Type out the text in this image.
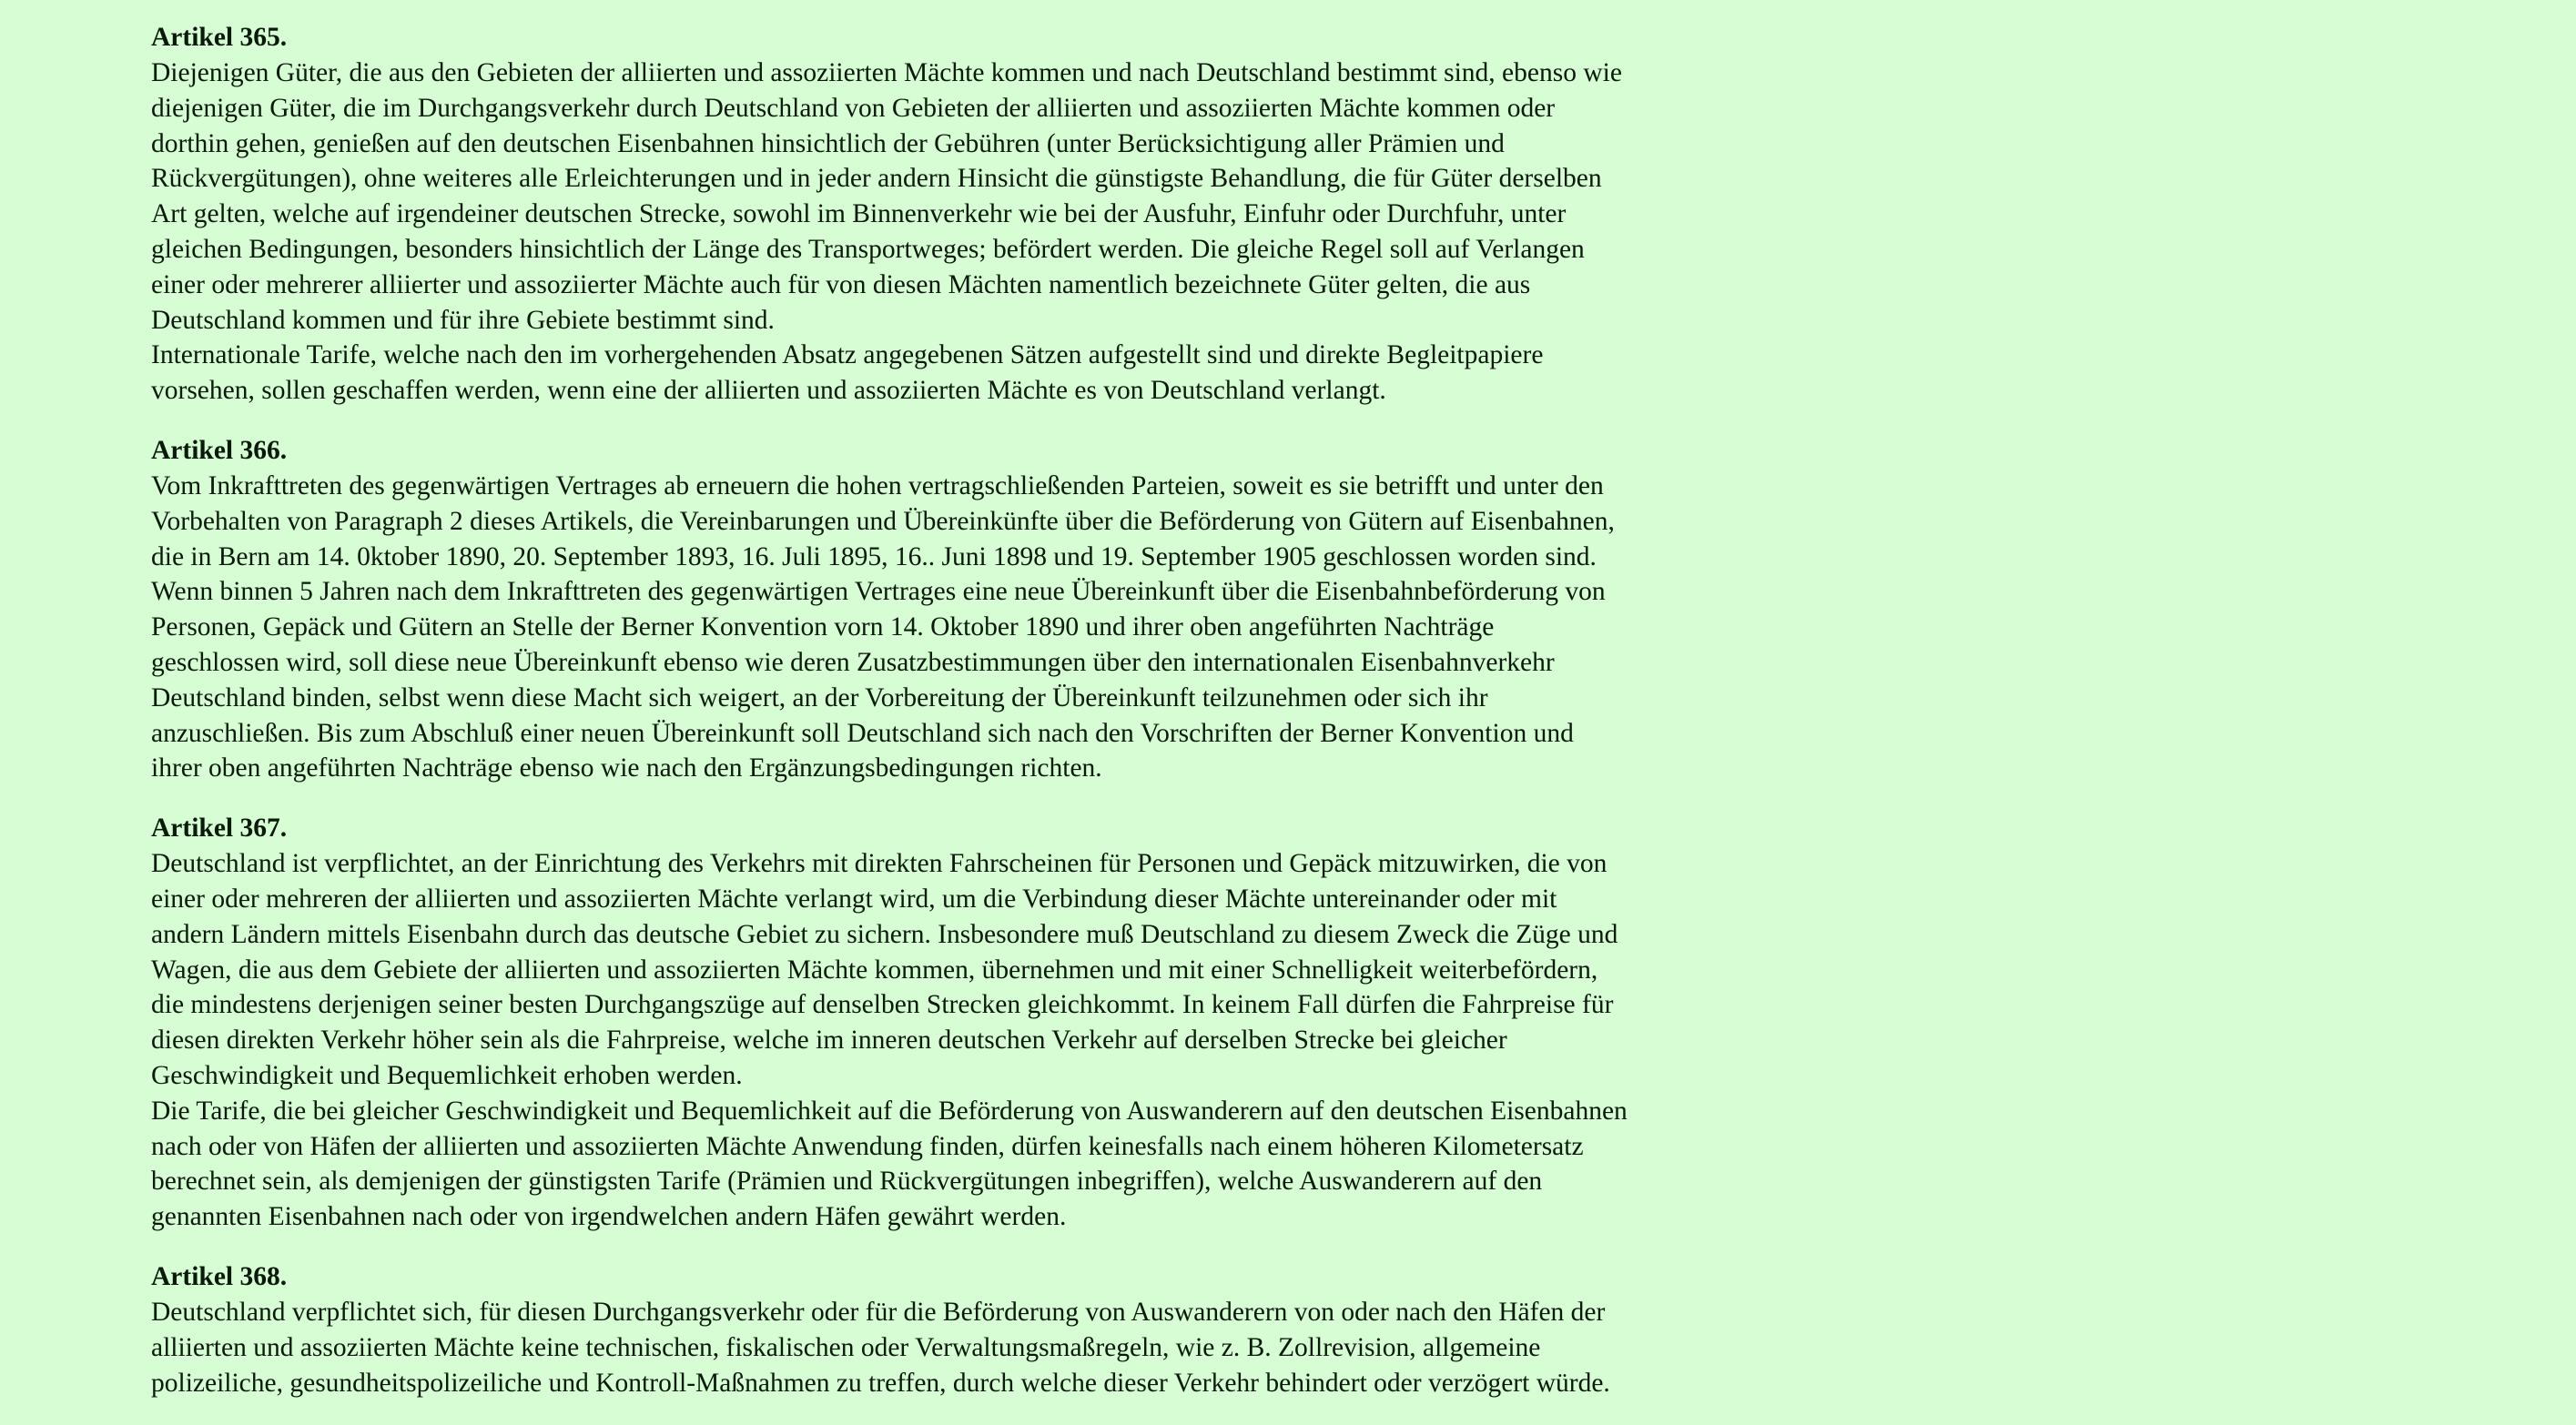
Artikel 365.

Diejenigen Güter, die aus den Gebieten der alliierten und assoziierten Mächte kommen und nach Deutschland bestimmt sind, ebenso wie
diejenigen Güter, die im Durchgangsverkehr durch Deutschland von Gebieten der alliierten und assoziierten Mächte kommen oder
dorthin gehen, genießen auf den deutschen Eisenbahnen hinsichtlich der Gebühren (unter Berücksichtigung aller Prämien und
Rückvergütungen), ohne weiteres alle Erleichterungen und in jeder andern Hinsicht die günstigste Behandlung, die für Güter derselben
Art gelten, welche auf irgendeiner deutschen Strecke, sowohl im Binnenverkehr wie bei der Ausfuhr, Einfuhr oder Durchfuhr, unter
gleichen Bedingungen, besonders hinsichtlich der Länge des Transportweges; befördert werden. Die gleiche Regel soll auf Verlangen
einer oder mehrerer alliierter und assoziierter Mächte auch für von diesen Mächten namentlich bezeichnete Güter gelten, die aus
Deutschland kommen und für ihre Gebiete bestimmt sind.

Internationale Tarife, welche nach den im vorhergehenden Absatz angegebenen Sätzen aufgestellt sind und direkte Begleitpapiere
vorsehen, sollen geschaffen werden, wenn eine der alliierten und assoziierten Mächte es von Deutschland verlangt.

Artikel 366.

Vom Inkrafttreten des gegenwärtigen Vertrages ab erneuern die hohen vertragschließenden Parteien, soweit es sie betrifft und unter den
Vorbehalten von Paragraph 2 dieses Artikels, die Vereinbarungen und Übereinkünfte über die Beförderung von Gütern auf Eisenbahnen,
die in Bern am 14. 0ktober 1890, 20. September 1893, 16. Juli 1895, 16.. Juni 1898 und 19. September 1905 geschlossen worden sind.

Wenn binnen 5 Jahren nach dem Inkrafttreten des gegenwärtigen Vertrages eine neue Übereinkunft über die Eisenbahnbeförderung von
Personen, Gepäck und Gütern an Stelle der Berner Konvention vorn 14. Oktober 1890 und ihrer oben angeführten Nachträge
geschlossen wird, soll diese neue Übereinkunft ebenso wie deren Zusatzbestimmungen über den internationalen Eisenbahnverkehr
Deutschland binden, selbst wenn diese Macht sich weigert, an der Vorbereitung der Übereinkunft teilzunehmen oder sich ihr
anzuschließen. Bis zum Abschluß einer neuen Übereinkunft soll Deutschland sich nach den Vorschriften der Berner Konvention und
ihrer oben angeführten Nachträge ebenso wie nach den Ergänzungsbedingungen richten.

Artikel 367.

Deutschland ist verpflichtet, an der Einrichtung des Verkehrs mit direkten Fahrscheinen für Personen und Gepäck mitzuwirken, die von
einer oder mehreren der alliierten und assoziierten Mächte verlangt wird, um die Verbindung dieser Mächte untereinander oder mit
andern Ländern mittels Eisenbahn durch das deutsche Gebiet zu sichern. Insbesondere muß Deutschland zu diesem Zweck die Züge und
Wagen, die aus dem Gebiete der alliierten und assoziierten Mächte kommen, übernehmen und mit einer Schnelligkeit weiterbefördern,
die mindestens derjenigen seiner besten Durchgangszüge auf denselben Strecken gleichkommt. In keinem Fall dürfen die Fahrpreise für
diesen direkten Verkehr höher sein als die Fahrpreise, welche im inneren deutschen Verkehr auf derselben Strecke bei gleicher
Geschwindigkeit und Bequemlichkeit erhoben werden.

Die Tarife, die bei gleicher Geschwindigkeit und Bequemlichkeit auf die Beförderung von Auswanderern auf den deutschen Eisenbahnen
nach oder von Häfen der alliierten und assoziierten Mächte Anwendung finden, dürfen keinesfalls nach einem höheren Kilometersatz
berechnet sein, als demjenigen der günstigsten Tarife (Prämien und Rückvergütungen inbegriffen), welche Auswanderern auf den
genannten Eisenbahnen nach oder von irgendwelchen andern Häfen gewährt werden.

Artikel 368.

Deutschland verpflichtet sich, für diesen Durchgangsverkehr oder für die Beförderung von Auswanderern von oder nach den Häfen der
alliierten und assoziierten Mächte keine technischen, fiskalischen oder Verwaltungsmaßregeln, wie z. B. Zollrevision, allgemeine
polizeiliche, gesundheitspolizeiliche und Kontroll-Maßnahmen zu treffen, durch welche dieser Verkehr behindert oder verzögert würde.
